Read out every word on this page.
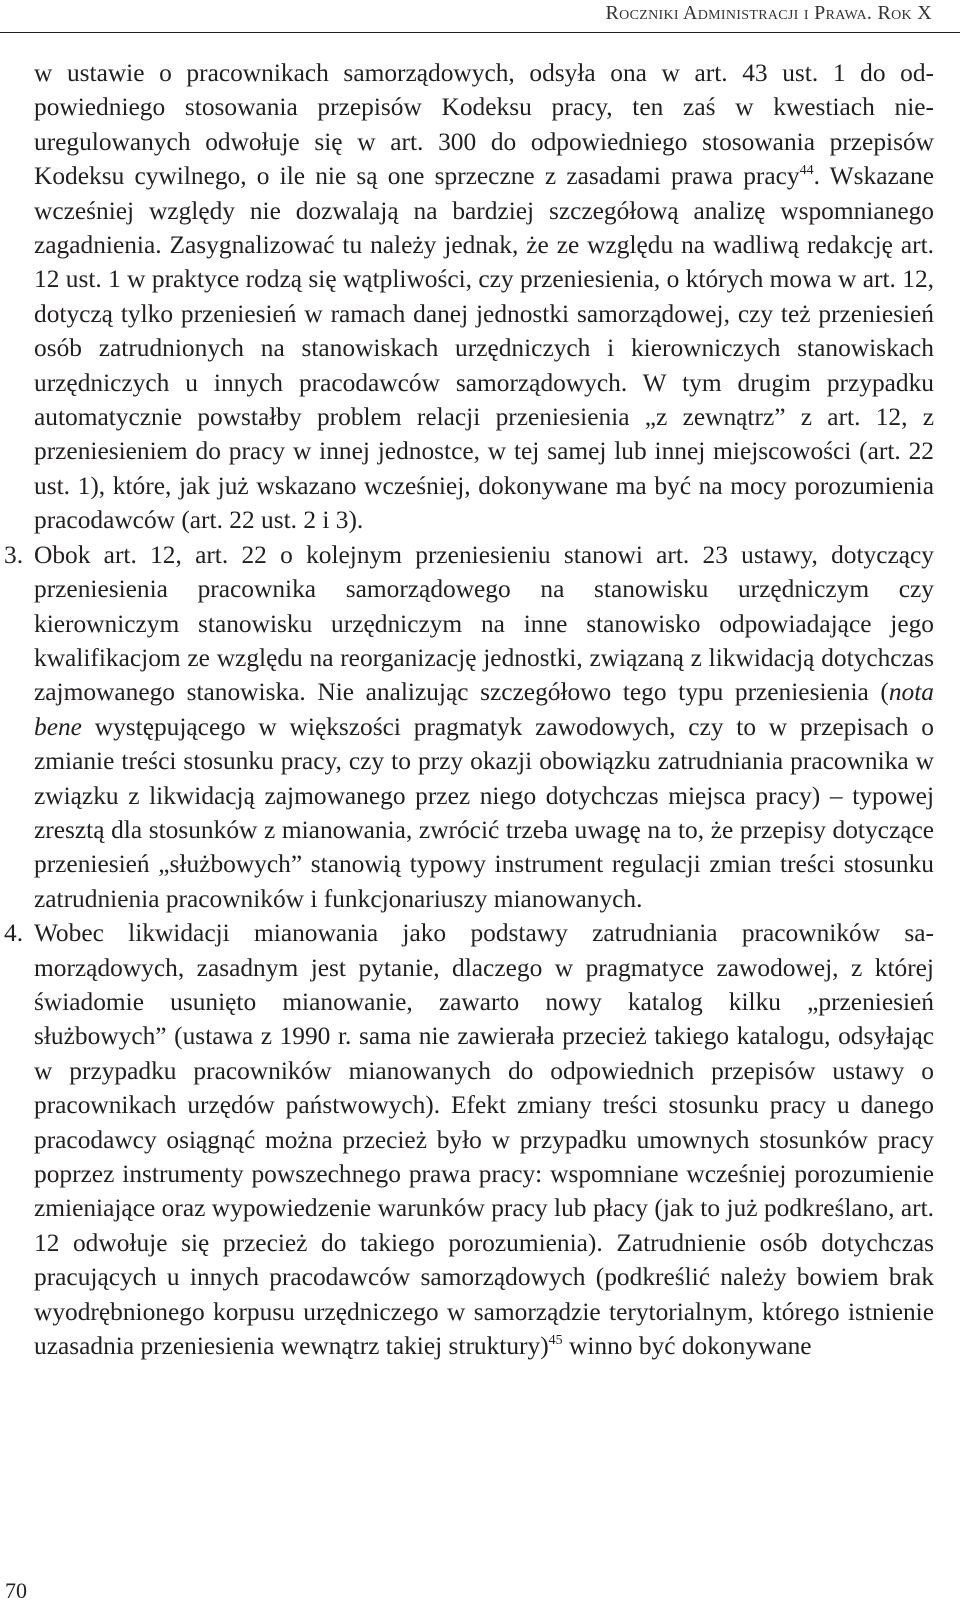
Roczniki Administracji i Prawa. Rok X

w ustawie o pracownikach samorządowych, odsyła ona w art. 43 ust. 1 do odpowiedniego stosowania przepisów Kodeksu pracy, ten zaś w kwestiach nieuregulowanych odwołuje się w art. 300 do odpowiedniego stosowania przepisów Kodeksu cywilnego, o ile nie są one sprzeczne z zasadami prawa pracy$^{44}$. Wskazane wcześniej względy nie dozwalają na bardziej szczegółową analizę wspomnianego zagadnienia. Zasygnalizować tu należy jednak, że ze względu na wadliwą redakcję art. 12 ust. 1 w praktyce rodzą się wątpliwości, czy przeniesienia, o których mowa w art. 12, dotyczą tylko przeniesień w ramach danej jednostki samorządowej, czy też przeniesień osób zatrudnionych na stanowiskach urzędniczych i kierowniczych stanowiskach urzędniczych u innych pracodawców samorządowych. W tym drugim przypadku automatycznie powstałby problem relacji przeniesienia „z zewnątrz” z art. 12, z przeniesieniem do pracy w innej jednostce, w tej samej lub innej miejscowości (art. 22 ust. 1), które, jak już wskazano wcześniej, dokonywane ma być na mocy porozumienia pracodawców (art. 22 ust. 2 i 3).

3. Obok art. 12, art. 22 o kolejnym przeniesieniu stanowi art. 23 ustawy, dotyczący przeniesienia pracownika samorządowego na stanowisku urzędniczym czy kierowniczym stanowisku urzędniczym na inne stanowisko odpowiadające jego kwalifikacjom ze względu na reorganizację jednostki, związaną z likwidacją dotychczas zajmowanego stanowiska. Nie analizując szczegółowo tego typu przeniesienia (nota bene występującego w większości pragmatyk zawodowych, czy to w przepisach o zmianie treści stosunku pracy, czy to przy okazji obowiązku zatrudniania pracownika w związku z likwidacją zajmowanego przez niego dotychczas miejsca pracy) – typowej zresztą dla stosunków z mianowania, zwrócić trzeba uwagę na to, że przepisy dotyczące przeniesień „służbowych” stanowią typowy instrument regulacji zmian treści stosunku zatrudnienia pracowników i funkcjonariuszy mianowanych.

4. Wobec likwidacji mianowania jako podstawy zatrudniania pracowników samorządowych, zasadnym jest pytanie, dlaczego w pragmatyce zawodowej, z której świadomie usunięto mianowanie, zawarto nowy katalog kilku „przeniesień służbowych” (ustawa z 1990 r. sama nie zawierała przecież takiego katalogu, odsyłając w przypadku pracowników mianowanych do odpowiednich przepisów ustawy o pracownikach urzędów państwowych). Efekt zmiany treści stosunku pracy u danego pracodawcy osiągnąć można przecież było w przypadku umownych stosunków pracy poprzez instrumenty powszechnego prawa pracy: wspomniane wcześniej porozumienie zmieniające oraz wypowiedzenie warunków pracy lub płacy (jak to już podkreślano, art. 12 odwołuje się przecież do takiego porozumienia). Zatrudnienie osób dotychczas pracujących u innych pracodawców samorządowych (podkreślić należy bowiem brak wyodrębnionego korpusu urzędniczego w samorządzie terytorialnym, którego istnienie uzasadnia przeniesienia wewnątrz takiej struktury)$^{45}$ winno być dokonywane

70
